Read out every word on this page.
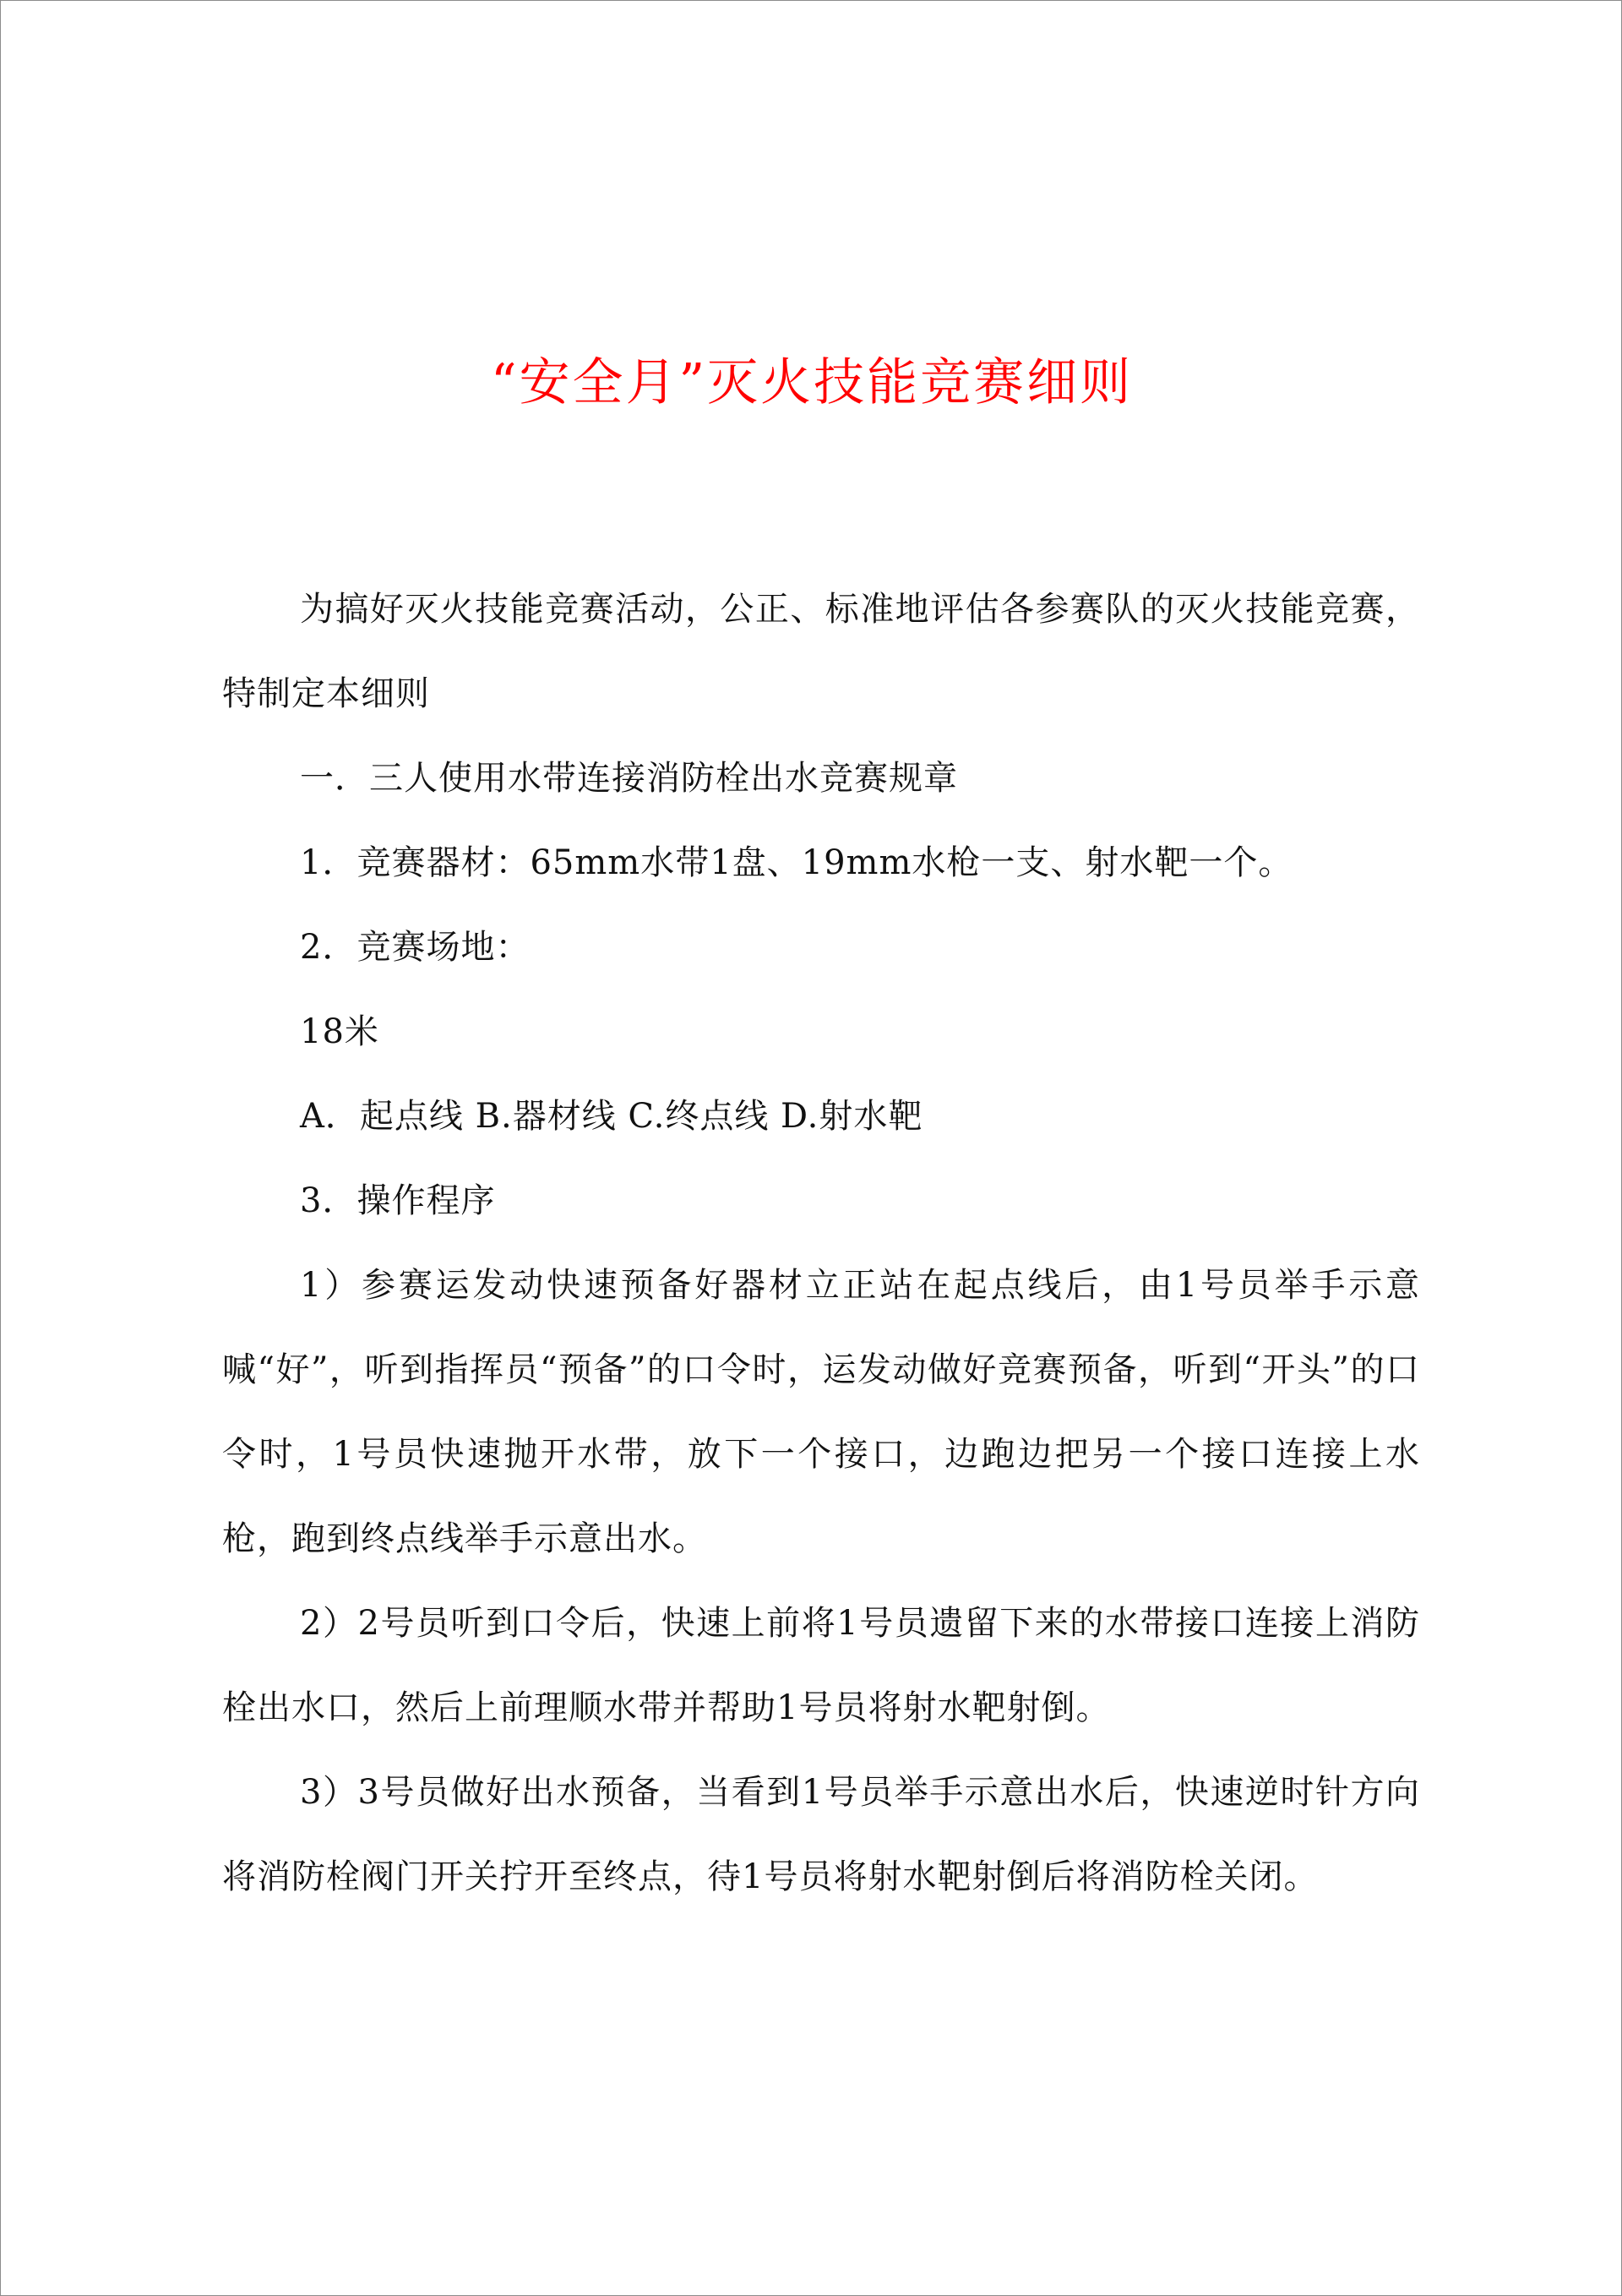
“安全月”灭火技能竞赛细则

为搞好灭火技能竞赛活动，公正、标准地评估各参赛队的灭火技能竞赛，特制定本细则

一．三人使用水带连接消防栓出水竞赛规章

1．竞赛器材：65mm水带1盘、19mm水枪一支、射水靶一个。

2．竞赛场地：

18米

A．起点线 B.器材线 C.终点线 D.射水靶

3．操作程序

1）参赛运发动快速预备好器材立正站在起点线后，由1号员举手示意喊“好”，听到指挥员“预备”的口令时，运发动做好竞赛预备，听到“开头”的口令时，1号员快速抛开水带，放下一个接口，边跑边把另一个接口连接上水枪，跑到终点线举手示意出水。

2）2号员听到口令后，快速上前将1号员遗留下来的水带接口连接上消防栓出水口，然后上前理顺水带并帮助1号员将射水靶射倒。

3）3号员做好出水预备，当看到1号员举手示意出水后，快速逆时针方向将消防栓阀门开关拧开至终点，待1号员将射水靶射倒后将消防栓关闭。
